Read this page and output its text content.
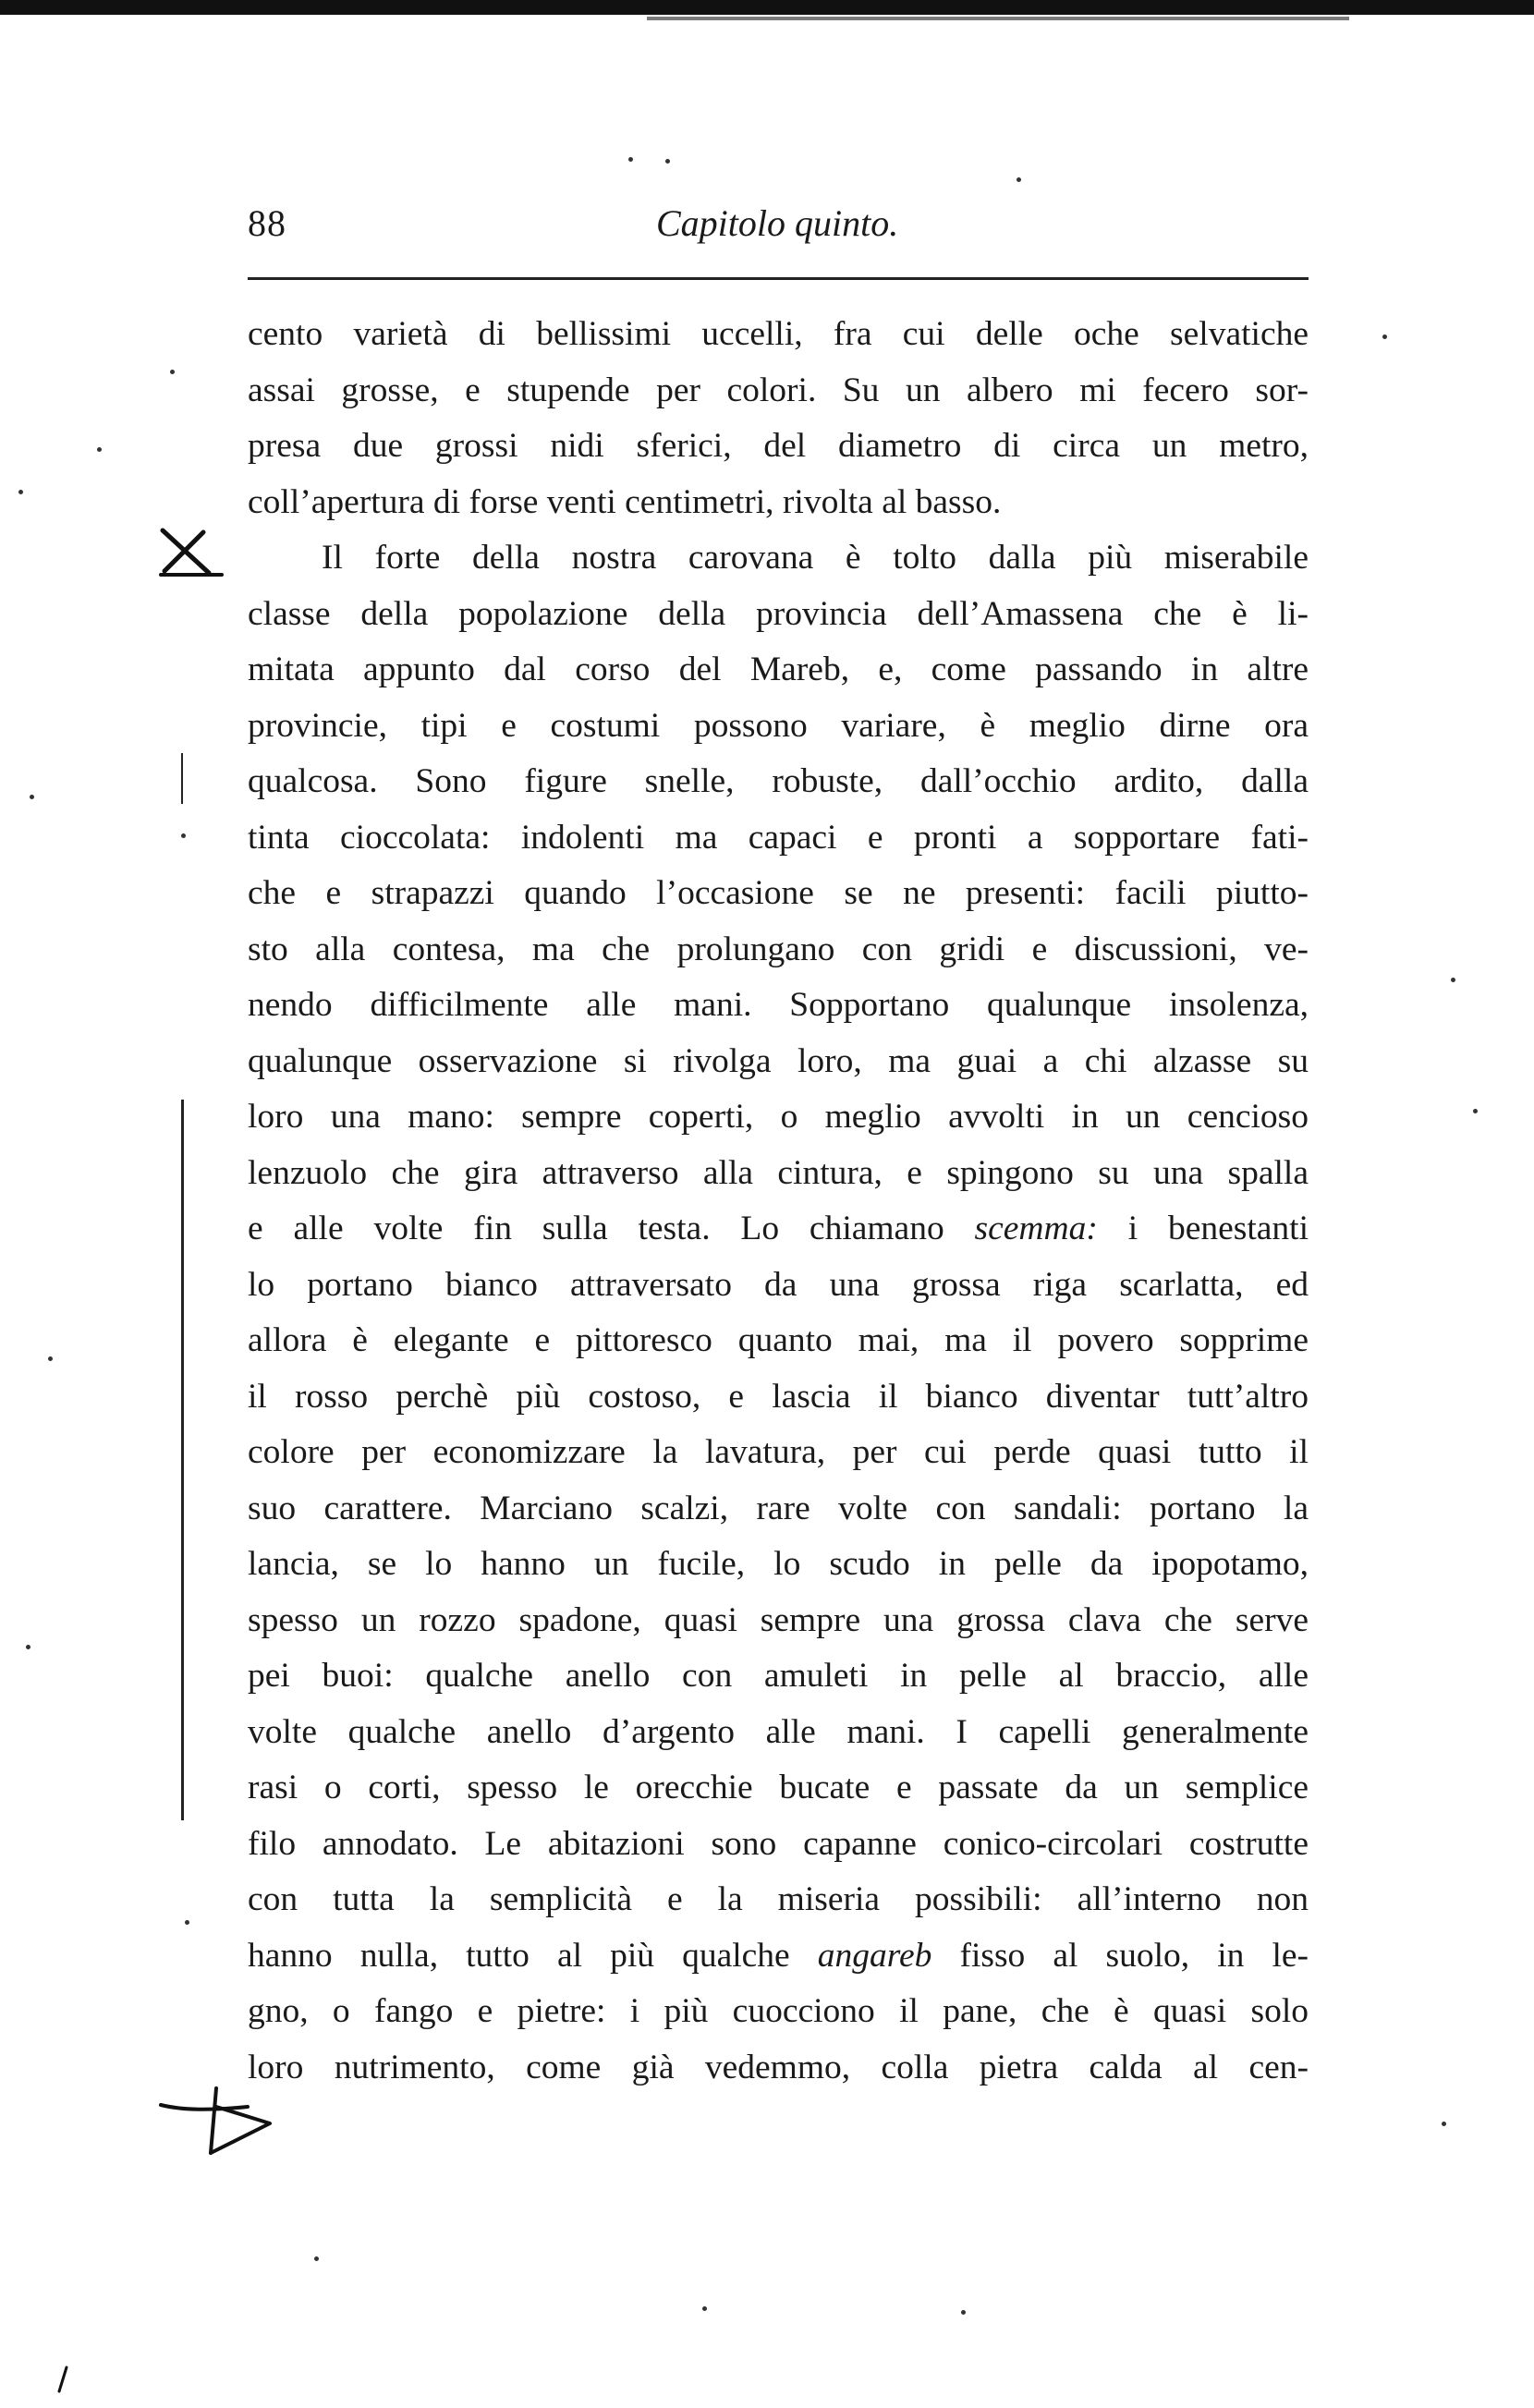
88	Capitolo quinto.
cento varietà di bellissimi uccelli, fra cui delle oche selvatiche
assai grosse, e stupende per colori. Su un albero mi fecero sor-
presa due grossi nidi sferici, del diametro di circa un metro,
coll’apertura di forse venti centimetri, rivolta al basso.
Il forte della nostra carovana è tolto dalla più miserabile
classe della popolazione della provincia dell’Amassena che è li-
mitata appunto dal corso del Mareb, e, come passando in altre
provincie, tipi e costumi possono variare, è meglio dirne ora
qualcosa. Sono figure snelle, robuste, dall’occhio ardito, dalla
tinta cioccolata: indolenti ma capaci e pronti a sopportare fati-
che e strapazzi quando l’occasione se ne presenti: facili piutto-
sto alla contesa, ma che prolungano con gridi e discussioni, ve-
nendo difficilmente alle mani. Sopportano qualunque insolenza,
qualunque osservazione si rivolga loro, ma guai a chi alzasse su
loro una mano: sempre coperti, o meglio avvolti in un cencioso
lenzuolo che gira attraverso alla cintura, e spingono su una spalla
e alle volte fin sulla testa. Lo chiamano scemma: i benestanti
lo portano bianco attraversato da una grossa riga scarlatta, ed
allora è elegante e pittoresco quanto mai, ma il povero sopprime
il rosso perchè più costoso, e lascia il bianco diventar tutt’altro
colore per economizzare la lavatura, per cui perde quasi tutto il
suo carattere. Marciano scalzi, rare volte con sandali: portano la
lancia, se lo hanno un fucile, lo scudo in pelle da ipopotamo,
spesso un rozzo spadone, quasi sempre una grossa clava che serve
pei buoi: qualche anello con amuleti in pelle al braccio, alle
volte qualche anello d’argento alle mani. I capelli generalmente
rasi o corti, spesso le orecchie bucate e passate da un semplice
filo annodato. Le abitazioni sono capanne conico-circolari costrutte
con tutta la semplicità e la miseria possibili: all’interno non
hanno nulla, tutto al più qualche angareb fisso al suolo, in le-
gno, o fango e pietre: i più cuocciono il pane, che è quasi solo
loro nutrimento, come già vedemmo, colla pietra calda al cen-
